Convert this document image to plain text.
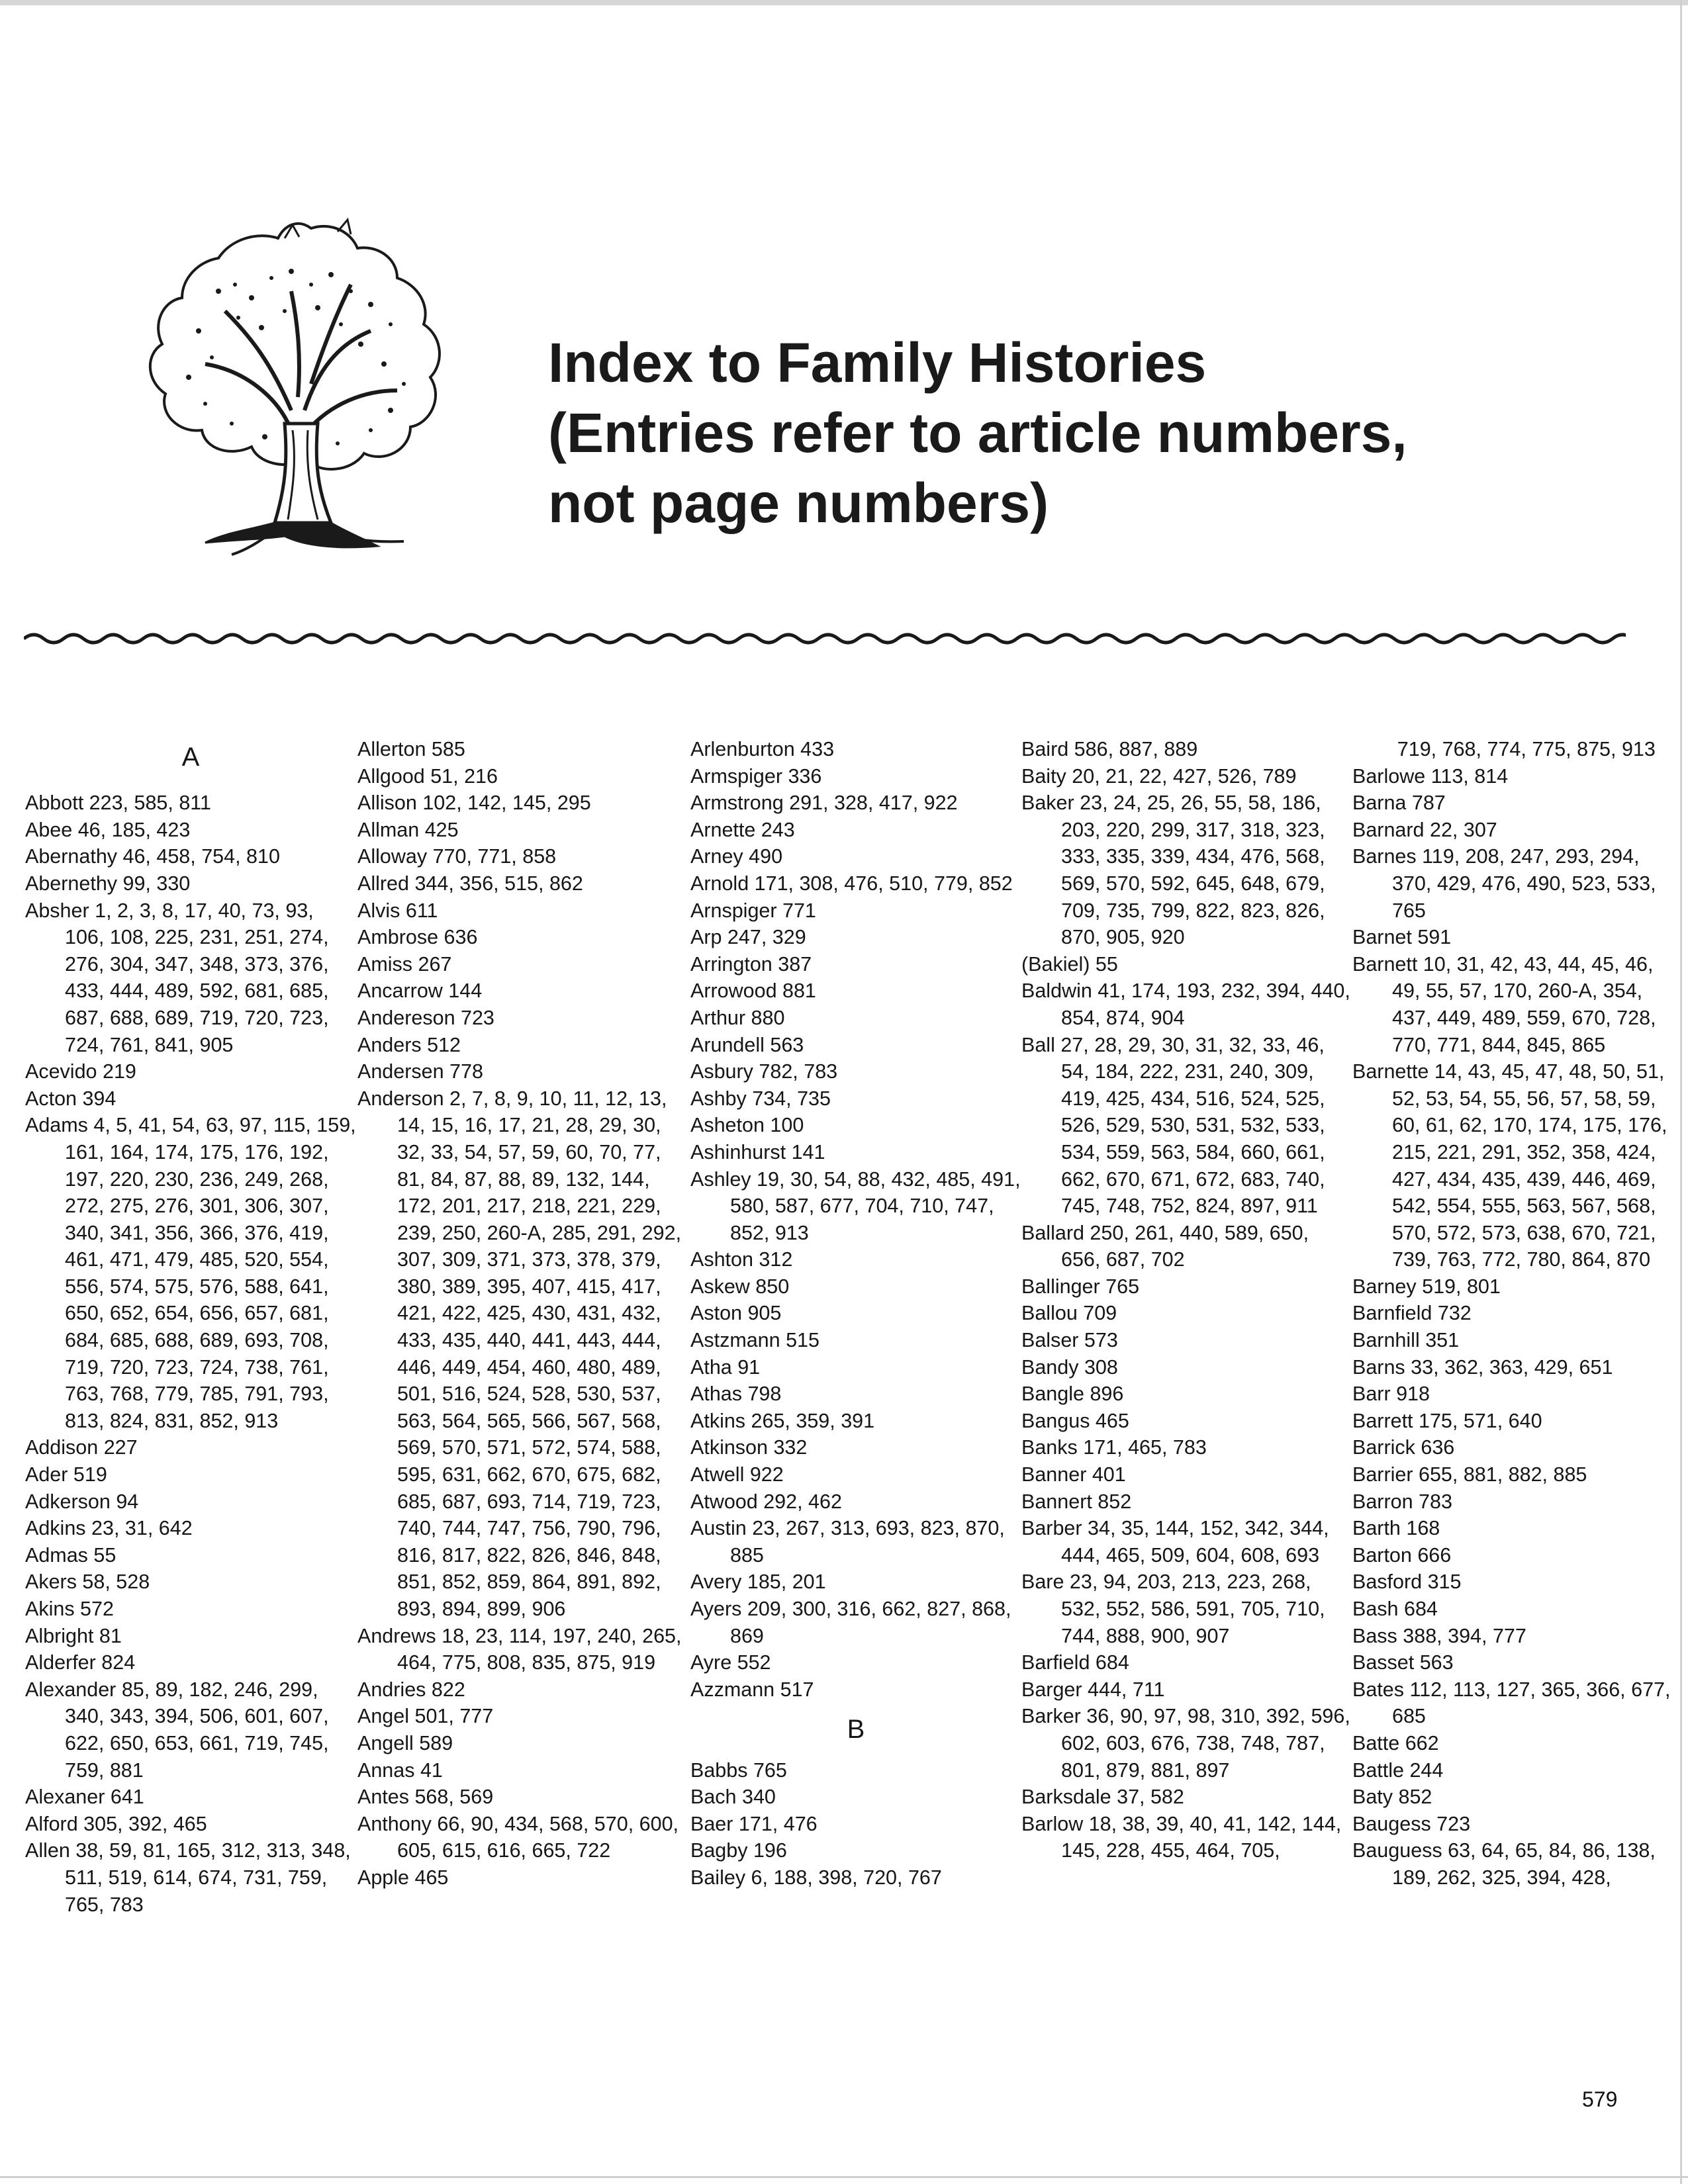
Index to Family Histories
(Entries refer to article numbers,
not page numbers)
A
Abbott 223, 585, 811
Abee 46, 185, 423
Abernathy 46, 458, 754, 810
Abernethy 99, 330
Absher 1, 2, 3, 8, 17, 40, 73, 93, 106, 108, 225, 231, 251, 274, 276, 304, 347, 348, 373, 376, 433, 444, 489, 592, 681, 685, 687, 688, 689, 719, 720, 723, 724, 761, 841, 905
Acevido 219
Acton 394
Adams 4, 5, 41, 54, 63, 97, 115, 159, 161, 164, 174, 175, 176, 192, 197, 220, 230, 236, 249, 268, 272, 275, 276, 301, 306, 307, 340, 341, 356, 366, 376, 419, 461, 471, 479, 485, 520, 554, 556, 574, 575, 576, 588, 641, 650, 652, 654, 656, 657, 681, 684, 685, 688, 689, 693, 708, 719, 720, 723, 724, 738, 761, 763, 768, 779, 785, 791, 793, 813, 824, 831, 852, 913
Addison 227
Ader 519
Adkerson 94
Adkins 23, 31, 642
Admas 55
Akers 58, 528
Akins 572
Albright 81
Alderfer 824
Alexander 85, 89, 182, 246, 299, 340, 343, 394, 506, 601, 607, 622, 650, 653, 661, 719, 745, 759, 881
Alexaner 641
Alford 305, 392, 465
Allen 38, 59, 81, 165, 312, 313, 348, 511, 519, 614, 674, 731, 759, 765, 783
Allerton 585
Allgood 51, 216
Allison 102, 142, 145, 295
Allman 425
Alloway 770, 771, 858
Allred 344, 356, 515, 862
Alvis 611
Ambrose 636
Amiss 267
Ancarrow 144
Andereson 723
Anders 512
Andersen 778
Anderson 2, 7, 8, 9, 10, 11, 12, 13, 14, 15, 16, 17, 21, 28, 29, 30, 32, 33, 54, 57, 59, 60, 70, 77, 81, 84, 87, 88, 89, 132, 144, 172, 201, 217, 218, 221, 229, 239, 250, 260-A, 285, 291, 292, 307, 309, 371, 373, 378, 379, 380, 389, 395, 407, 415, 417, 421, 422, 425, 430, 431, 432, 433, 435, 440, 441, 443, 444, 446, 449, 454, 460, 480, 489, 501, 516, 524, 528, 530, 537, 563, 564, 565, 566, 567, 568, 569, 570, 571, 572, 574, 588, 595, 631, 662, 670, 675, 682, 685, 687, 693, 714, 719, 723, 740, 744, 747, 756, 790, 796, 816, 817, 822, 826, 846, 848, 851, 852, 859, 864, 891, 892, 893, 894, 899, 906
Andrews 18, 23, 114, 197, 240, 265, 464, 775, 808, 835, 875, 919
Andries 822
Angel 501, 777
Angell 589
Annas 41
Antes 568, 569
Anthony 66, 90, 434, 568, 570, 600, 605, 615, 616, 665, 722
Apple 465
Arlenburton 433
Armspiger 336
Armstrong 291, 328, 417, 922
Arnette 243
Arney 490
Arnold 171, 308, 476, 510, 779, 852
Arnspiger 771
Arp 247, 329
Arrington 387
Arrowood 881
Arthur 880
Arundell 563
Asbury 782, 783
Ashby 734, 735
Asheton 100
Ashinhurst 141
Ashley 19, 30, 54, 88, 432, 485, 491, 580, 587, 677, 704, 710, 747, 852, 913
Ashton 312
Askew 850
Aston 905
Astzmann 515
Atha 91
Athas 798
Atkins 265, 359, 391
Atkinson 332
Atwell 922
Atwood 292, 462
Austin 23, 267, 313, 693, 823, 870, 885
Avery 185, 201
Ayers 209, 300, 316, 662, 827, 868, 869
Ayre 552
Azzmann 517
B
Babbs 765
Bach 340
Baer 171, 476
Bagby 196
Bailey 6, 188, 398, 720, 767
Baird 586, 887, 889
Baity 20, 21, 22, 427, 526, 789
Baker 23, 24, 25, 26, 55, 58, 186, 203, 220, 299, 317, 318, 323, 333, 335, 339, 434, 476, 568, 569, 570, 592, 645, 648, 679, 709, 735, 799, 822, 823, 826, 870, 905, 920
(Bakiel) 55
Baldwin 41, 174, 193, 232, 394, 440, 854, 874, 904
Ball 27, 28, 29, 30, 31, 32, 33, 46, 54, 184, 222, 231, 240, 309, 419, 425, 434, 516, 524, 525, 526, 529, 530, 531, 532, 533, 534, 559, 563, 584, 660, 661, 662, 670, 671, 672, 683, 740, 745, 748, 752, 824, 897, 911
Ballard 250, 261, 440, 589, 650, 656, 687, 702
Ballinger 765
Ballou 709
Balser 573
Bandy 308
Bangle 896
Bangus 465
Banks 171, 465, 783
Banner 401
Bannert 852
Barber 34, 35, 144, 152, 342, 344, 444, 465, 509, 604, 608, 693
Bare 23, 94, 203, 213, 223, 268, 532, 552, 586, 591, 705, 710, 744, 888, 900, 907
Barfield 684
Barger 444, 711
Barker 36, 90, 97, 98, 310, 392, 596, 602, 603, 676, 738, 748, 787, 801, 879, 881, 897
Barksdale 37, 582
Barlow 18, 38, 39, 40, 41, 142, 144, 145, 228, 455, 464, 705,
719, 768, 774, 775, 875, 913
Barlowe 113, 814
Barna 787
Barnard 22, 307
Barnes 119, 208, 247, 293, 294, 370, 429, 476, 490, 523, 533, 765
Barnet 591
Barnett 10, 31, 42, 43, 44, 45, 46, 49, 55, 57, 170, 260-A, 354, 437, 449, 489, 559, 670, 728, 770, 771, 844, 845, 865
Barnette 14, 43, 45, 47, 48, 50, 51, 52, 53, 54, 55, 56, 57, 58, 59, 60, 61, 62, 170, 174, 175, 176, 215, 221, 291, 352, 358, 424, 427, 434, 435, 439, 446, 469, 542, 554, 555, 563, 567, 568, 570, 572, 573, 638, 670, 721, 739, 763, 772, 780, 864, 870
Barney 519, 801
Barnfield 732
Barnhill 351
Barns 33, 362, 363, 429, 651
Barr 918
Barrett 175, 571, 640
Barrick 636
Barrier 655, 881, 882, 885
Barron 783
Barth 168
Barton 666
Basford 315
Bash 684
Bass 388, 394, 777
Basset 563
Bates 112, 113, 127, 365, 366, 677, 685
Batte 662
Battle 244
Baty 852
Baugess 723
Bauguess 63, 64, 65, 84, 86, 138, 189, 262, 325, 394, 428,
579
